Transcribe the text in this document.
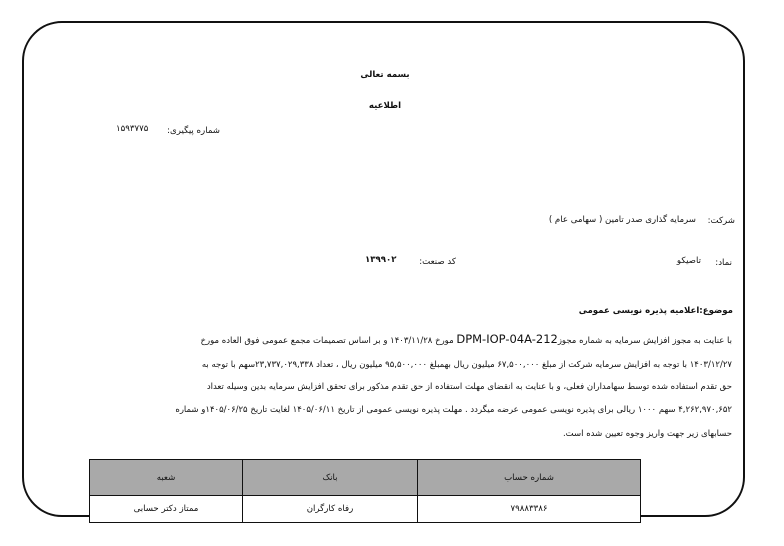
بسمه تعالی
اطلاعیه
شماره پیگیری:
۱۵۹۳۷۷۵
شرکت:
سرمایه گذاری صدر تامین ( سهامی عام )
نماد:
تاصیکو
کد صنعت:
۱۳۹۹۰۲
موضوع:اعلامیه پذیره نویسی عمومی
با عنایت به مجوز افزایش سرمایه به شماره مجوزDPM-IOP-04A-212 مورخ ۱۴۰۳/۱۱/۲۸ و بر اساس تصمیمات مجمع عمومی فوق العاده مورخ
۱۴۰۳/۱۲/۲۷ با توجه به افزایش سرمایه شرکت از مبلغ ۶۷,۵۰۰,۰۰۰ میلیون ریال بهمبلغ ۹۵,۵۰۰,۰۰۰ میلیون ریال ، تعداد ۲۳,۷۳۷,۰۲۹,۳۳۸سهم با توجه به
حق تقدم استفاده شده توسط سهامداران فعلی، و با عنایت به انقضای مهلت استفاده از حق تقدم مذکور برای تحقق افزایش سرمایه بدین وسیله تعداد
۴,۲۶۲,۹۷۰,۶۵۲ سهم ۱۰۰۰ ریالی برای پذیره نویسی عمومی عرضه میگردد . مهلت پذیره نویسی عمومی از تاریخ ۱۴۰۵/۰۶/۱۱ لغایت تاریخ ۱۴۰۵/۰۶/۲۵و شماره
حسابهای زیر جهت واریز وجوه تعیین شده است.
شماره حساب	بانک	شعبه
۷۹۸۸۳۳۸۶	رفاه کارگران	ممتاز دکتر حسابی
